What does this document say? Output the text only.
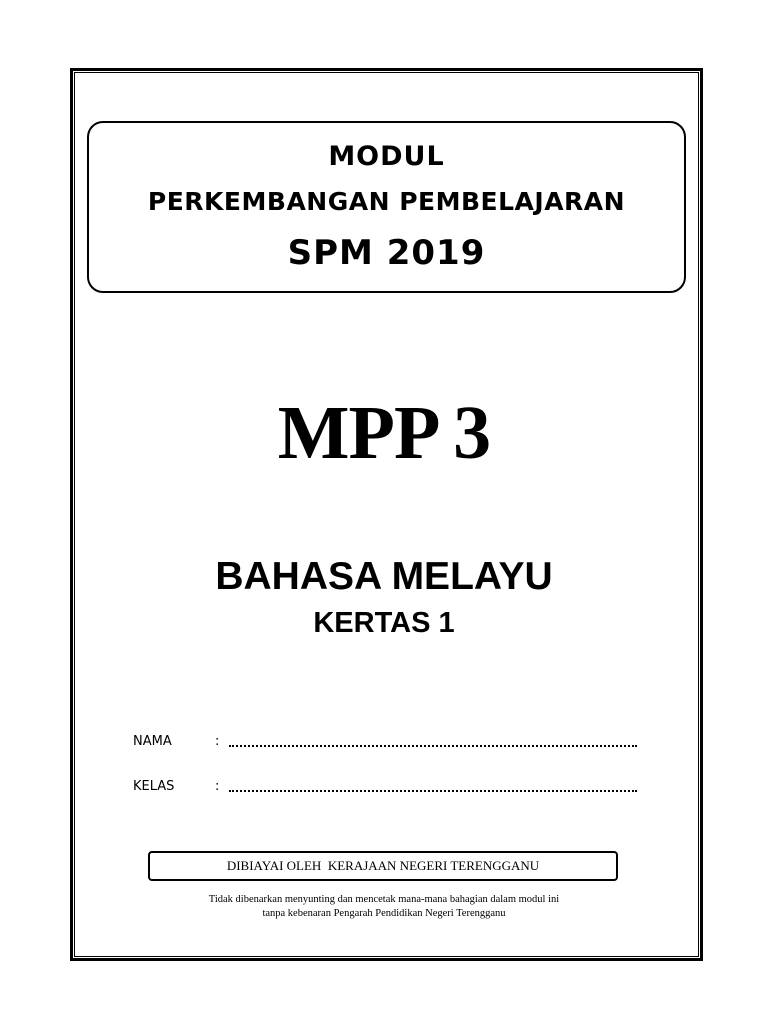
MODUL
PERKEMBANGAN PEMBELAJARAN
SPM 2019
MPP 3
BAHASA MELAYU
KERTAS 1
NAMA	:
KELAS	:
DIBIAYAI OLEH  KERAJAAN NEGERI TERENGGANU
Tidak dibenarkan menyunting dan mencetak mana-mana bahagian dalam modul ini
tanpa kebenaran Pengarah Pendidikan Negeri Terengganu
